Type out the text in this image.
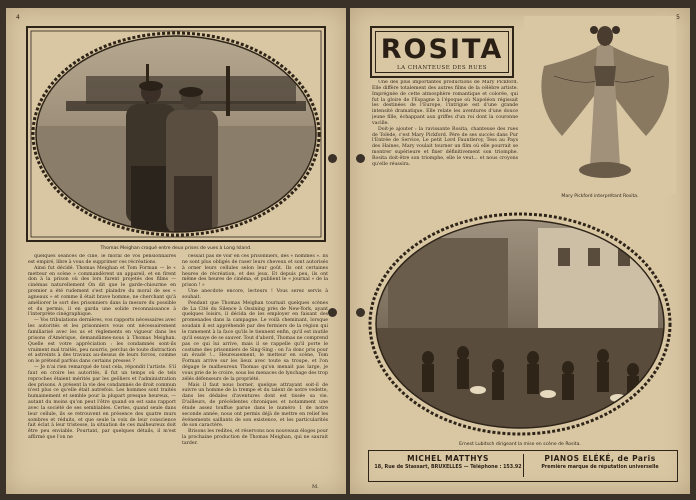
4
Thomas Meighan croqué entre deux prises de vues à Long Island.

quelques séances de ciné, le moral de vos pensionnaires est empiré, libre à vous de supprimer ces récréations.

Ainsi fut décidé. Thomas Meighan et Tom Forman — le « metteur en scène » commandèrent un appareil, et en firent don à la prison où des lors furent projetés des films — cinémas naturellement On dit que le garde-chiourme en premier a été rudement s'est plaindre du moral de ses « agneaux » et comme il était brave homme, ne cherchant qu'à améliorer le sort des prisonniers dans la mesure du possible et du permis, il en garda une solide reconnaissance à l'interprète cinégraphique.

— Vos tribulations dernières, vos rapports nécessaires avec les autorités et les prisonniers vous ont nécessairement familiarisé avec les us et règlements en vigueur dans les prisons d'Amérique, demandâmes-nous à Thomas Meighan. Quelle est votre appréciation : les condamnés sont-ils vraiment mal traités, peu nourris, perclus de toute distraction et astreints à des travaux au-dessus de leurs forces, comme on le prétend parfois dans certains presses ?

— Je n'ai rien remarqué de tout cela, répondit l'artiste. S'il faut en croire les autorités, il fut un temps où de tels reproches étaient mérités par les geôliers et l'administration des prisons. A présent la vie des condamnés de droit commun n'est plus ce qu'elle était autrefois. Les hommes sont traités humainement et semble pour la plupart presque heureux, — autant du moins qu'on peut l'être quand on est sans rapport avec la société de ses semblables. Certes, quand seule dans leur cellule, ils se retrouvent en présence des quatre murs sombres et réduits, et que seule la voix de leur conscience fait éclat à leur tristesse, la situation de ces malheureux doit être peu enviable. Pourtant, par quelques détails, il m'est affirmé que l'on ne

cessait pas de voir en ces prisonniers, des « hommes ». Ils ne sont plus obligés de raser leurs cheveux et sont autorisés à orner leurs cellules selon leur goût. Ils ont certaines heures de récréation, et des jeux. Et depuis peu, ils ont même des heures de cinéma, et publient le « journal » de la prison ! »

Une anecdote encore, lecteurs ! Vous serez servis à souhait.

Pendant que Thomas Meighan tournait quelques scènes de La Cité du Silence à Ossining près de New-York, ayant quelques loisirs, il décida de les employer en faisant des promenades dans la campagne. Le voilà cheminant, lorsque soudain il est appréhendé par des fermiers de la région qui le ramenent à la face qu'ils le tiennent enfin, qu'il est inutile qu'il essaye de se sauver. Tout d'abord, Thomas ne comprend pas ce qui lui arrive, mais il se rappelle qu'il porte le costume des prisonniers de Sing-Sing : on l'a donc pris pour un évadé !... Heureusement, le metteur en scène, Tom Forman arrive sur les lieux avec toute sa troupe, et l'on dégage le malheureux Thomas qu'on menait pas large, je vous prie de le croire, sous les menaces de lynchage des trop zélés défenseurs de la propriété.

Mais il faut nous borner, quelque attrayant soit-il de suivre un homme de la trempe et du talent de notre vedette, dans les dédales d'aventures dont est tissée sa vie. D'ailleurs, de précédentes chroniques et notamment une étude assez touffue parue dans le numéro 1 de notre seconde année, nous ont permis déjà de mettre en relief les événements saillants de son existence, et les particularités de son caractère.

Brisons les redites, et réservons nos nouveaux éloges pour la prochaine production de Thomas Meighan, qui ne saurait tarder.

M.
5
ROSITA
LA CHANTEUSE DES RUES

Une des plus importantes productions de Mary Pickford. Elle diffère totalement des autres films de la célèbre artiste. Imprégnée de cette atmosphère romantique et colorée, qui fut la gloire de l'Espagne à l'époque où Napoléon régissait les destinées de l'Europe, l'intrigue est d'une grande intensité dramatique. Elle relate les aventures d'une douce jeune fille, échappant aux griffes d'un roi dont la couronne vacille.

Doit-je ajouter : la ravissante Rosita, chanteuse des rues de Tolède, c'est Mary Pickford. Père de ses succès dans Pur l'Entrée de Service, Le petit Lord Fauntleroy, Tess au Pays des Haines, Mary voulait tourner un film où elle pourrait se montrer supérieure et fixer définitivement son triomphe. Rosita doit-être son triomphe, elle le veut... et nous croyons qu'elle réussira.

Mary Pickford interprétant Rosita.
Ernest Lubitsch dirigeant la mise en scène de Rosita.
MICHEL MATTHYS
18, Rue de Stassart, BRUXELLES — Téléphone : 153.92
PIANOS ELÉKÉ, de Paris
Première marque de réputation universelle
